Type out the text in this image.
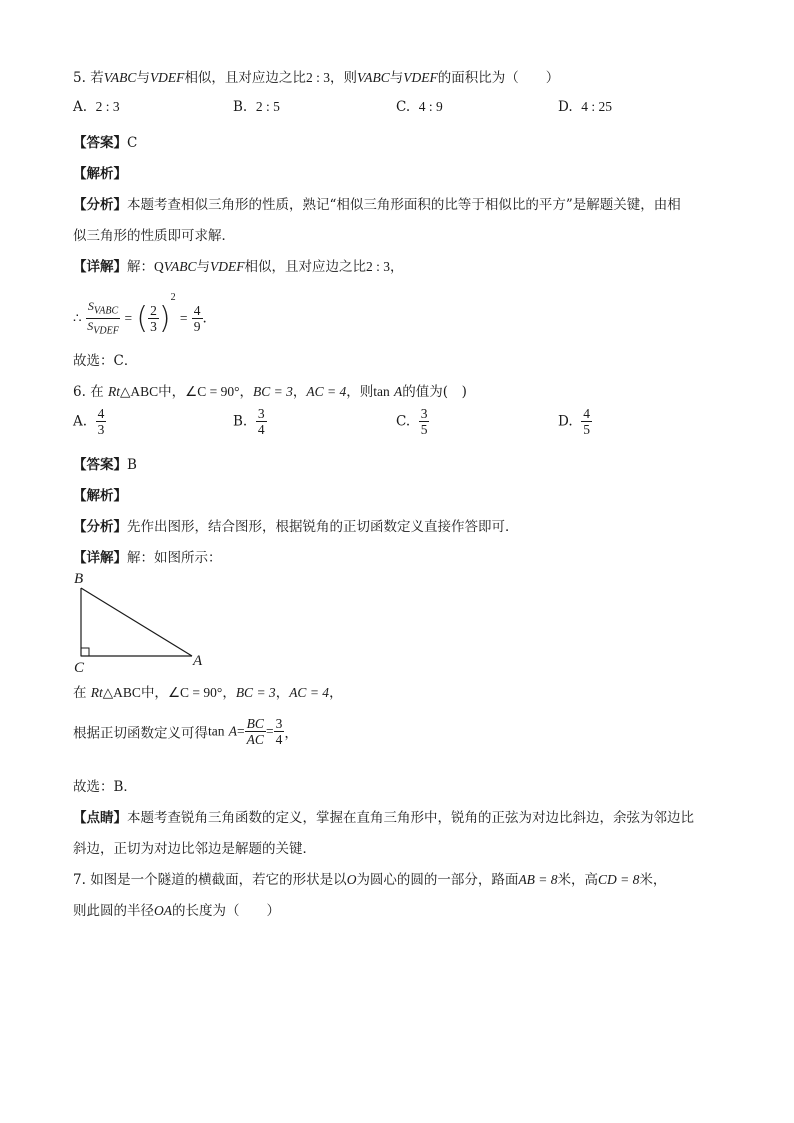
5. 若VABC与VDEF相似，且对应边之比2 : 3，则VABC与VDEF的面积比为（　　）
A. 2 : 3	B. 2 : 5	C. 4 : 9	D. 4 : 25
【答案】C
【解析】
【分析】本题考查相似三角形的性质，熟记“相似三角形面积的比等于相似比的平方”是解题关键，由相
似三角形的性质即可求解．
【详解】解：QVABC与VDEF相似，且对应边之比2 : 3，
∴ $\frac{S_{VABC}}{S_{VDEF}}$ = ( $\frac{2}{3} )^2 = \frac{4}{9}$ .
故选：C．
6. 在 Rt△ABC中，∠C = 90°，BC = 3，AC = 4，则tan A的值为(　)
A. $\frac{4}{3}$	B. $\frac{3}{4}$	C. $\frac{3}{5}$	D. $\frac{4}{5}$
【答案】B
【解析】
【分析】先作出图形，结合图形，根据锐角的正切函数定义直接作答即可．
【详解】解：如图所示：
B
C	A
在 Rt△ABC中，∠C = 90°，BC = 3，AC = 4，
根据正切函数定义可得$\tan A= \frac{BC}{AC} = \frac{3}{4}$ ，
故选：B．
【点睛】本题考查锐角三角函数的定义，掌握在直角三角形中，锐角的正弦为对边比斜边，余弦为邻边比
斜边，正切为对边比邻边是解题的关键．
7. 如图是一个隧道的横截面，若它的形状是以O为圆心的圆的一部分，路面AB = 8米，高CD = 8米，
则此圆的半径OA的长度为（　　）
